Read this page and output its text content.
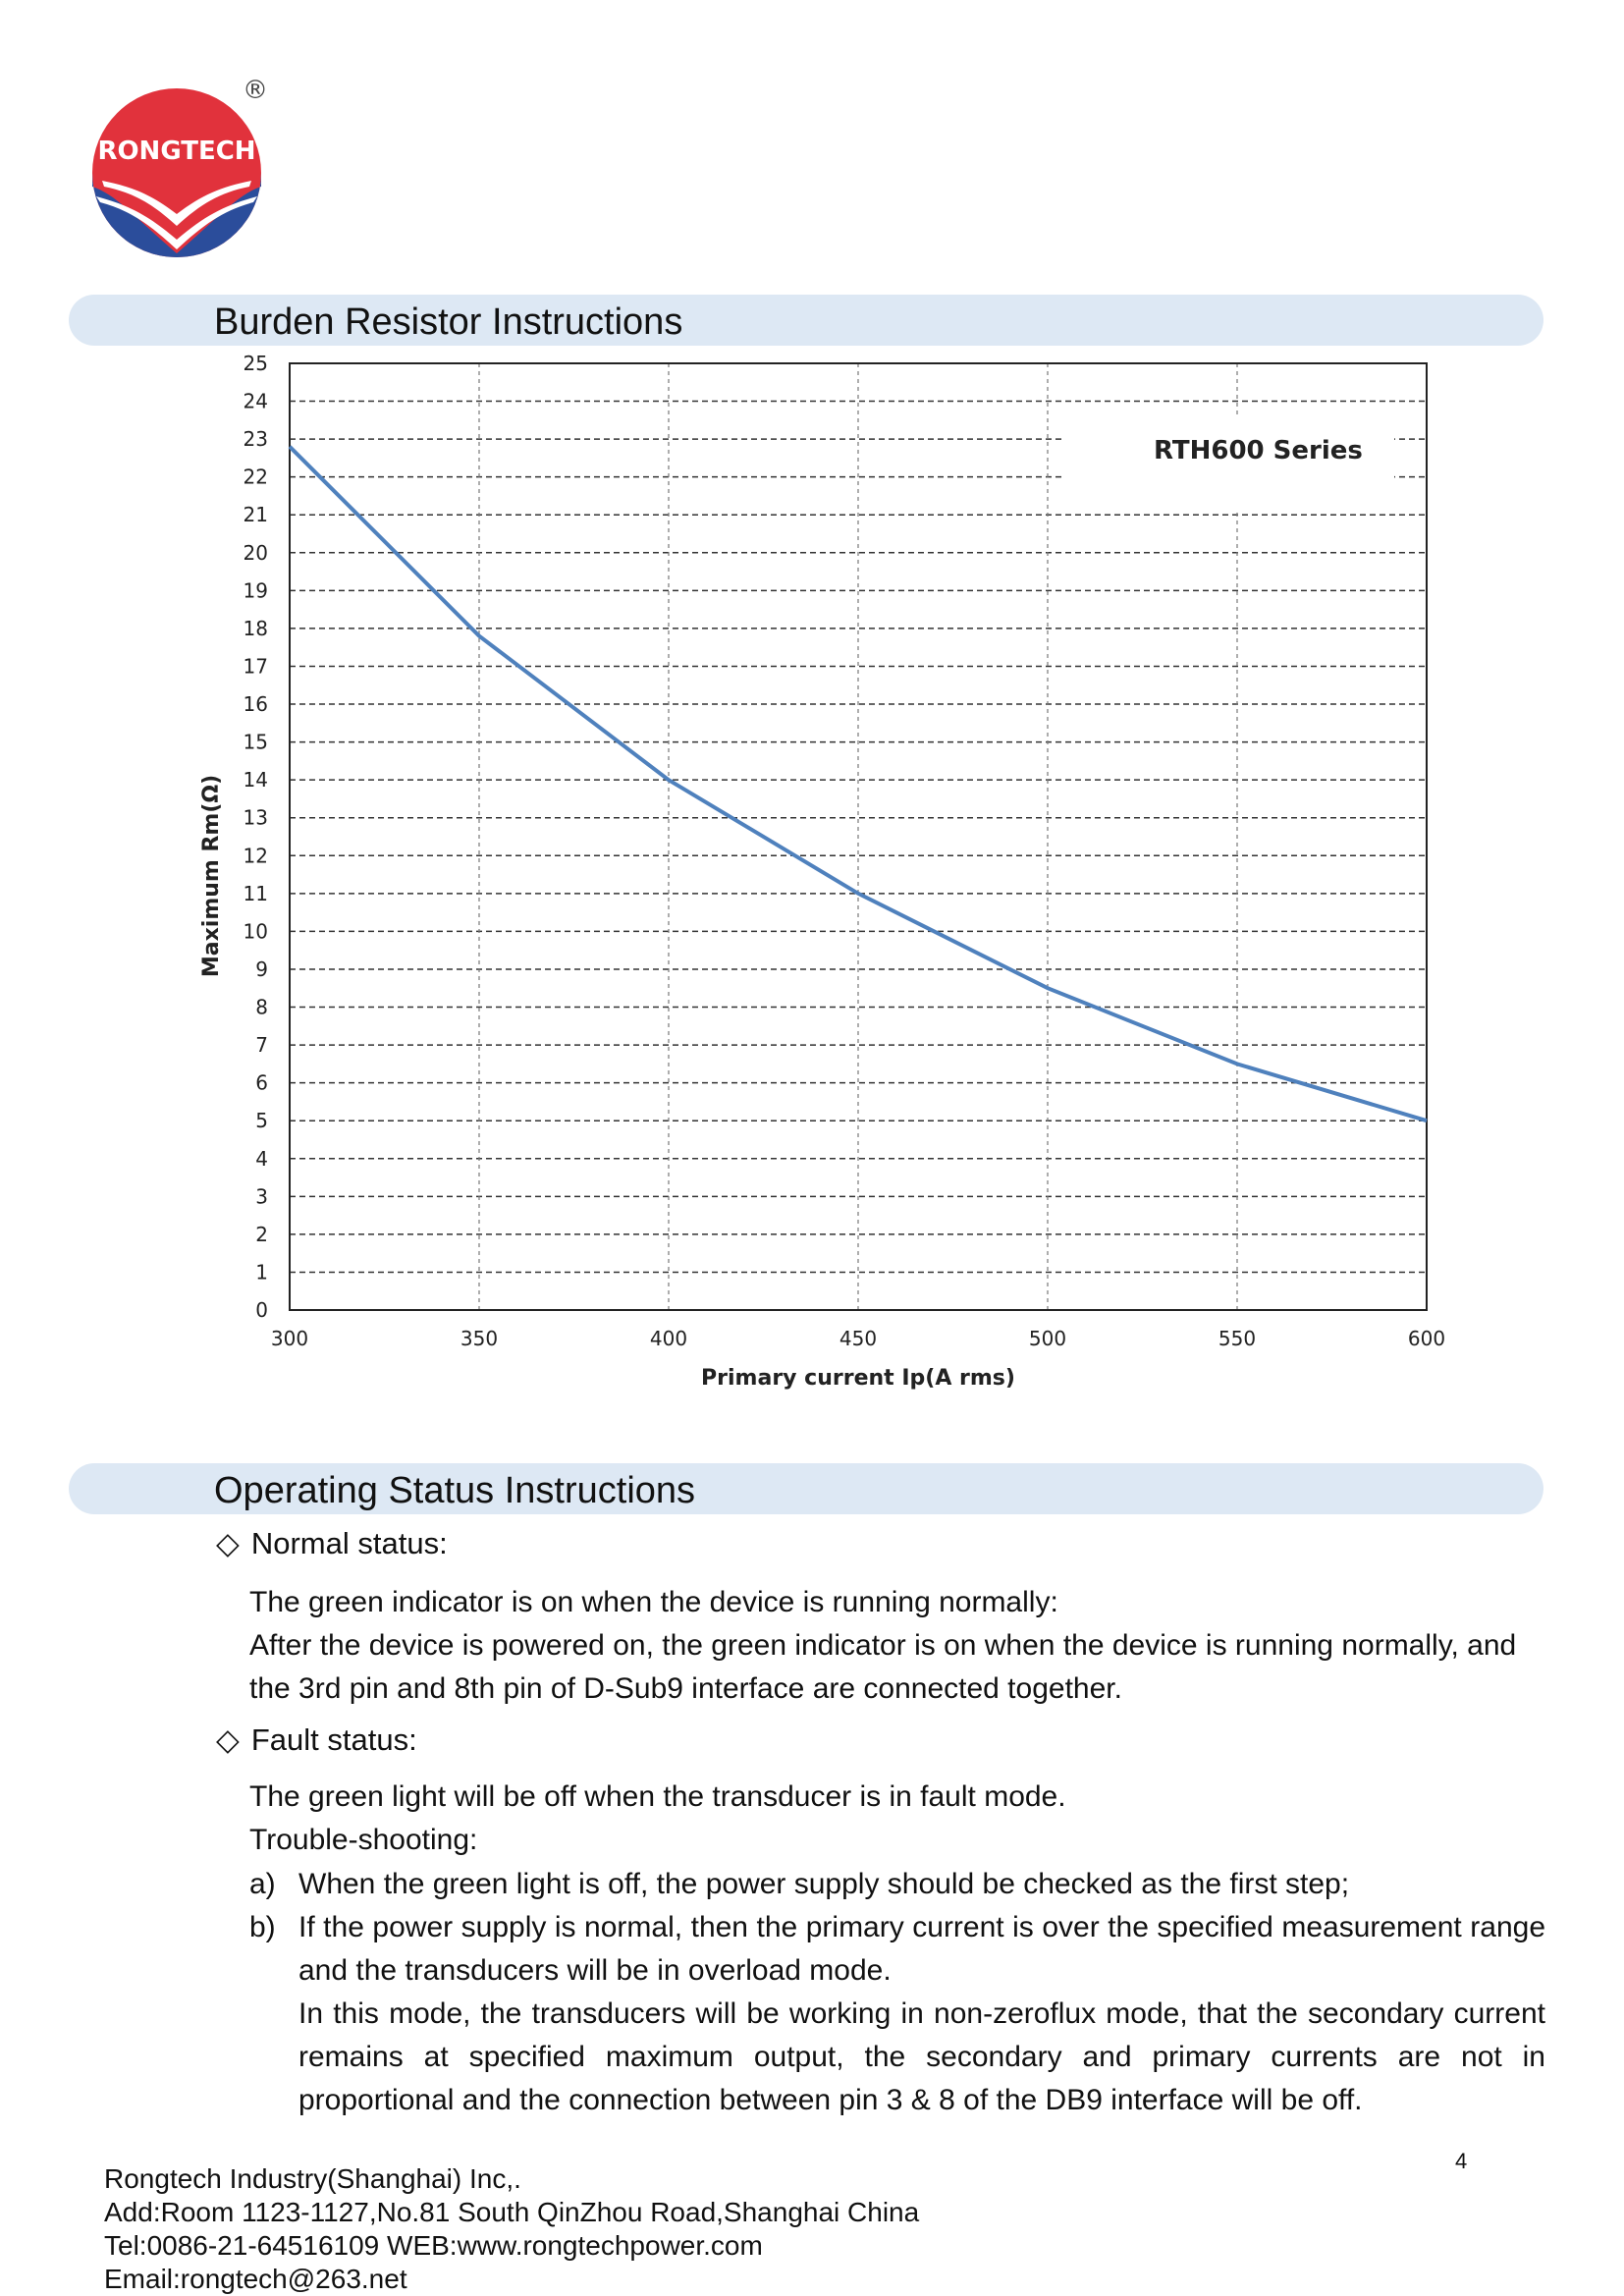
RONGTECH
®
Burden Resistor Instructions
0
1
2
3
4
5
6
7
8
9
10
11
12
13
14
15
16
17
18
19
20
21
22
23
24
25
300	350	400	450	500	550	600
RTH600 Series
Primary current Ip(A rms)
Maximum Rm(Ω)
Operating Status Instructions
◇ Normal status:
The green indicator is on when the device is running normally:
After the device is powered on, the green indicator is on when the device is running normally, and
the 3rd pin and 8th pin of D-Sub9 interface are connected together.
◇ Fault status:
The green light will be off when the transducer is in fault mode.
Trouble-shooting:
a) When the green light is off, the power supply should be checked as the first step;
b) If the power supply is normal, then the primary current is over the specified measurement range and the transducers will be in overload mode.
In this mode, the transducers will be working in non-zeroflux mode, that the secondary current remains at specified maximum output, the secondary and primary currents are not in proportional and the connection between pin 3 & 8 of the DB9 interface will be off.
4
Rongtech Industry(Shanghai) Inc,.
Add:Room 1123-1127,No.81 South QinZhou Road,Shanghai China
Tel:0086-21-64516109 WEB:www.rongtechpower.com
Email:rongtech@263.net
